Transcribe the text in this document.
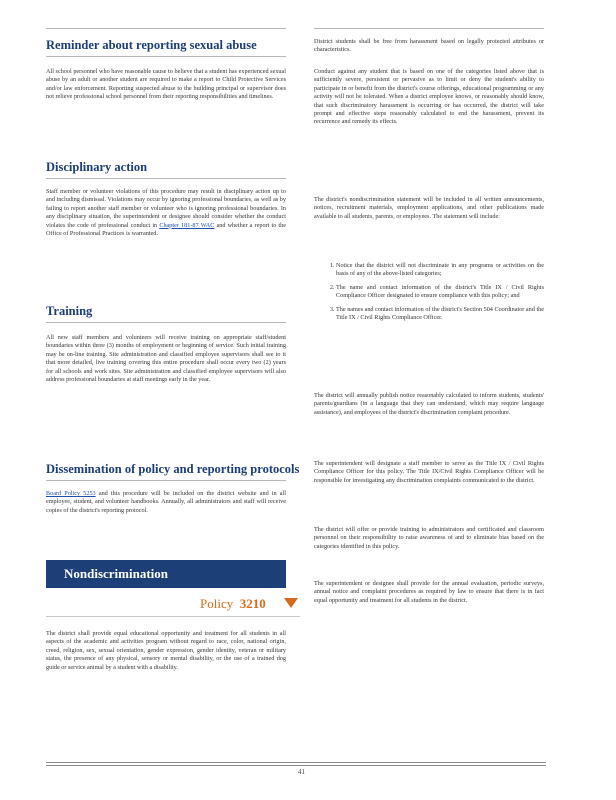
Reminder about reporting sexual abuse
All school personnel who have reasonable cause to believe that a student has experienced sexual abuse by an adult or another student are required to make a report to Child Protective Services and/or law enforcement. Reporting suspected abuse to the building principal or supervisor does not relieve professional school personnel from their reporting responsibilities and timelines.
Disciplinary action
Staff member or volunteer violations of this procedure may result in disciplinary action up to and including dismissal. Violations may occur by ignoring professional boundaries, as well as by failing to report another staff member or volunteer who is ignoring professional boundaries. In any disciplinary situation, the superintendent or designee should consider whether the conduct violates the code of professional conduct in Chapter 181-87 WAC and whether a report to the Office of Professional Practices is warranted.
Training
All new staff members and volunteers will receive training on appropriate staff/student boundaries within three (3) months of employment or beginning of service. Such initial training may be on-line training. Site administration and classified employee supervisors shall see to it that more detailed, live training covering this entire procedure shall occur every two (2) years for all schools and work sites. Site administration and classified employee supervisors will also address professional boundaries at staff meetings early in the year.
Dissemination of policy and reporting protocols
Board Policy 5253 and this procedure will be included on the district website and in all employee, student, and volunteer handbooks. Annually, all administrators and staff will receive copies of the district's reporting protocol.
Nondiscrimination
Policy 3210
The district shall provide equal educational opportunity and treatment for all students in all aspects of the academic and activities program without regard to race, color, national origin, creed, religion, sex, sexual orientation, gender expression, gender identity, veteran or military status, the presence of any physical, sensory or mental disability, or the use of a trained dog guide or service animal by a student with a disability.
District students shall be free from harassment based on legally protected attributes or characteristics.
Conduct against any student that is based on one of the categories listed above that is sufficiently severe, persistent or pervasive as to limit or deny the student's ability to participate in or benefit from the district's course offerings, educational programming or any activity will not be tolerated. When a district employee knows, or reasonably should know, that such discriminatory harassment is occurring or has occurred, the district will take prompt and effective steps reasonably calculated to end the harassment, prevent its recurrence and remedy its effects.
The district's nondiscrimination statement will be included in all written announcements, notices, recruitment materials, employment applications, and other publications made available to all students, parents, or employees. The statement will include:
1. Notice that the district will not discriminate in any programs or activities on the basis of any of the above-listed categories;
2. The name and contact information of the district's Title IX / Civil Rights Compliance Officer designated to ensure compliance with this policy; and
3. The names and contact information of the district's Section 504 Coordinator and the Title IX / Civil Rights Compliance Officer.
The district will annually publish notice reasonably calculated to inform students, students' parents/guardians (in a language that they can understand, which may require language assistance), and employees of the district's discrimination complaint procedure.
The superintendent will designate a staff member to serve as the Title IX / Civil Rights Compliance Officer for this policy. The Title IX/Civil Rights Compliance Officer will be responsible for investigating any discrimination complaints communicated to the district.
The district will offer or provide training to administrators and certificated and classroom personnel on their responsibility to raise awareness of and to eliminate bias based on the categories identified in this policy.
The superintendent or designee shall provide for the annual evaluation, periodic surveys, annual notice and complaint procedures as required by law to ensure that there is in fact equal opportunity and treatment for all students in the district.
41
